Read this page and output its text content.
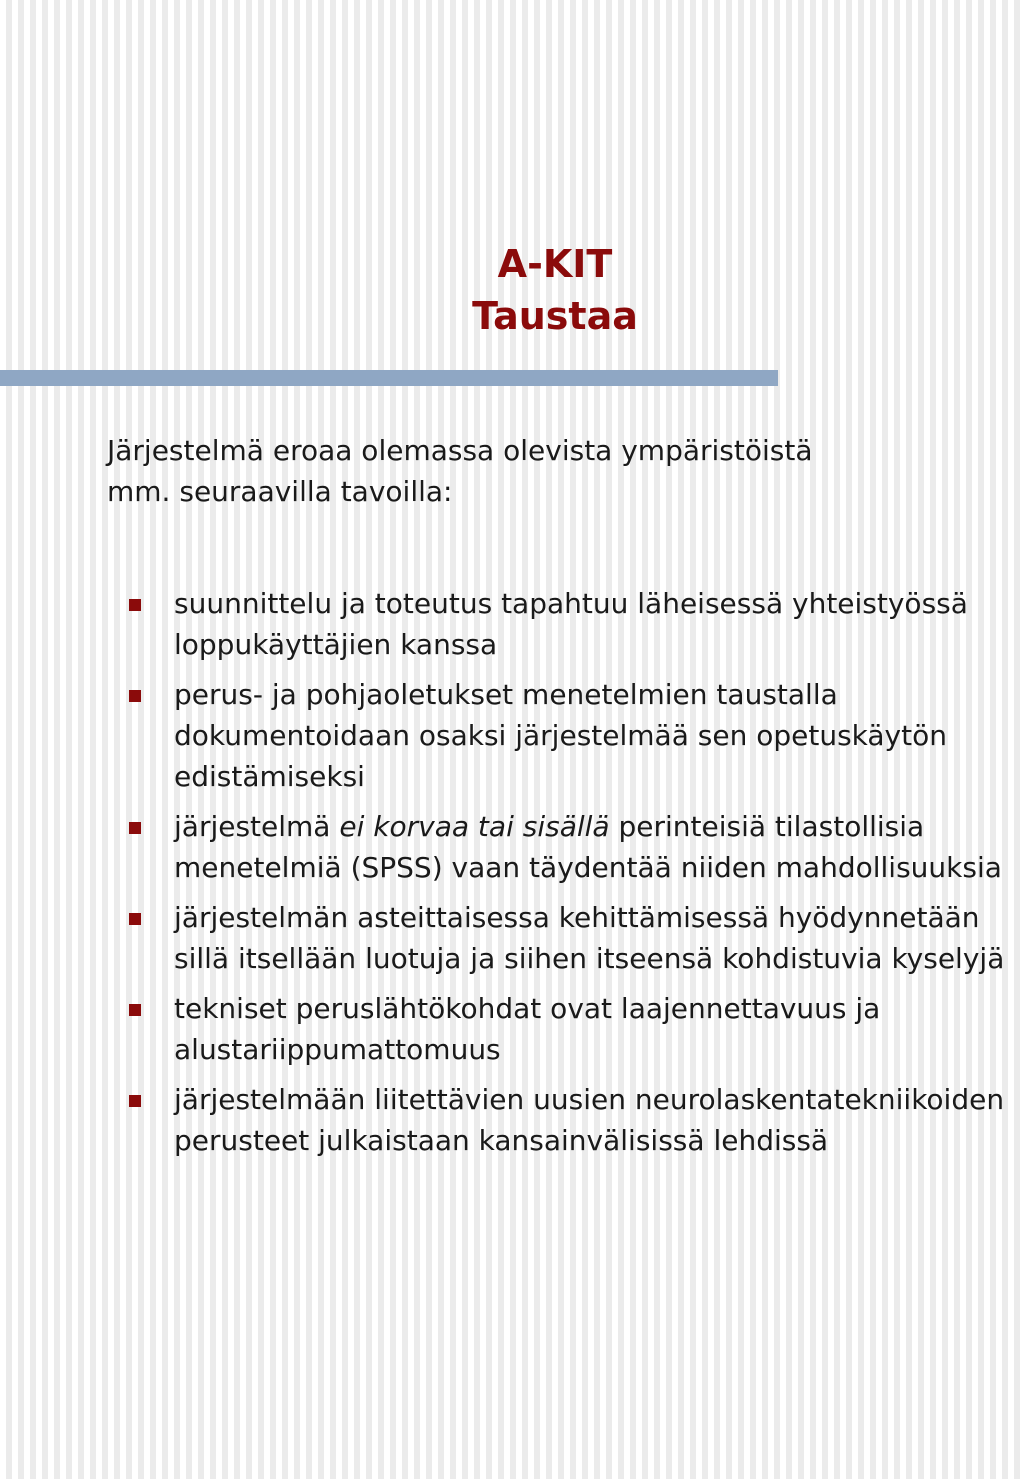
A-KIT
Taustaa
Järjestelmä eroaa olemassa olevista ympäristöistä
mm. seuraavilla tavoilla:
suunnittelu ja toteutus tapahtuu läheisessä yhteistyössä loppukäyttäjien kanssa
perus- ja pohjaoletukset menetelmien taustalla dokumentoidaan osaksi järjestelmää sen opetuskäytön edistämiseksi
järjestelmä ei korvaa tai sisällä perinteisiä tilastollisia menetelmiä (SPSS) vaan täydentää niiden mahdollisuuksia
järjestelmän asteittaisessa kehittämisessä hyödynnetään sillä itsellään luotuja ja siihen itseensä kohdistuvia kyselyjä
tekniset peruslähtökohdat ovat laajennettavuus ja alustariippumattomuus
järjestelmään liitettävien uusien neurolaskentatekniikoiden perusteet julkaistaan kansainvälisissä lehdissä
